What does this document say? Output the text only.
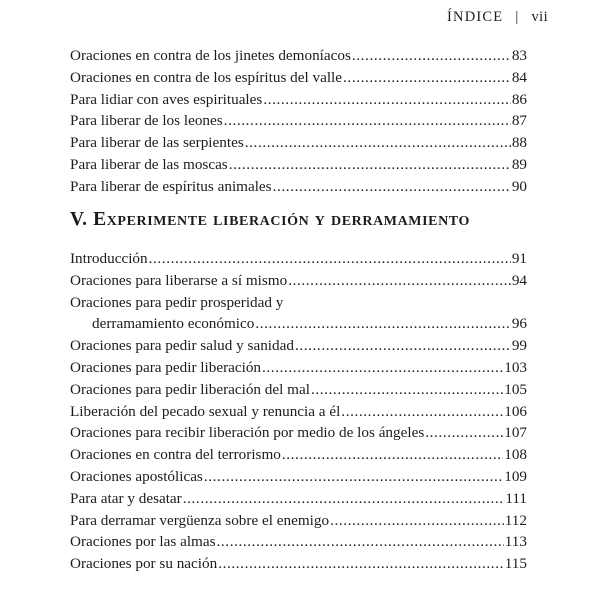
ÍNDICE | vii
Oraciones en contra de los jinetes demoníacos .....	83
Oraciones en contra de los espíritus del valle .....	84
Para lidiar con aves espirituales .....	86
Para liberar de los leones .....	87
Para liberar de las serpientes .....	88
Para liberar de las moscas .....	89
Para liberar de espíritus animales .....	90
V. Experimente liberación y derramamiento
Introducción .....	91
Oraciones para liberarse a sí mismo .....	94
Oraciones para pedir prosperidad y
derramamiento económico .....	96
Oraciones para pedir salud y sanidad .....	99
Oraciones para pedir liberación .....	103
Oraciones para pedir liberación del mal .....	105
Liberación del pecado sexual y renuncia a él .....	106
Oraciones para recibir liberación por medio de los ángeles .....	107
Oraciones en contra del terrorismo .....	108
Oraciones apostólicas .....	109
Para atar y desatar .....	111
Para derramar vergüenza sobre el enemigo .....	112
Oraciones por las almas .....	113
Oraciones por su nación .....	115
